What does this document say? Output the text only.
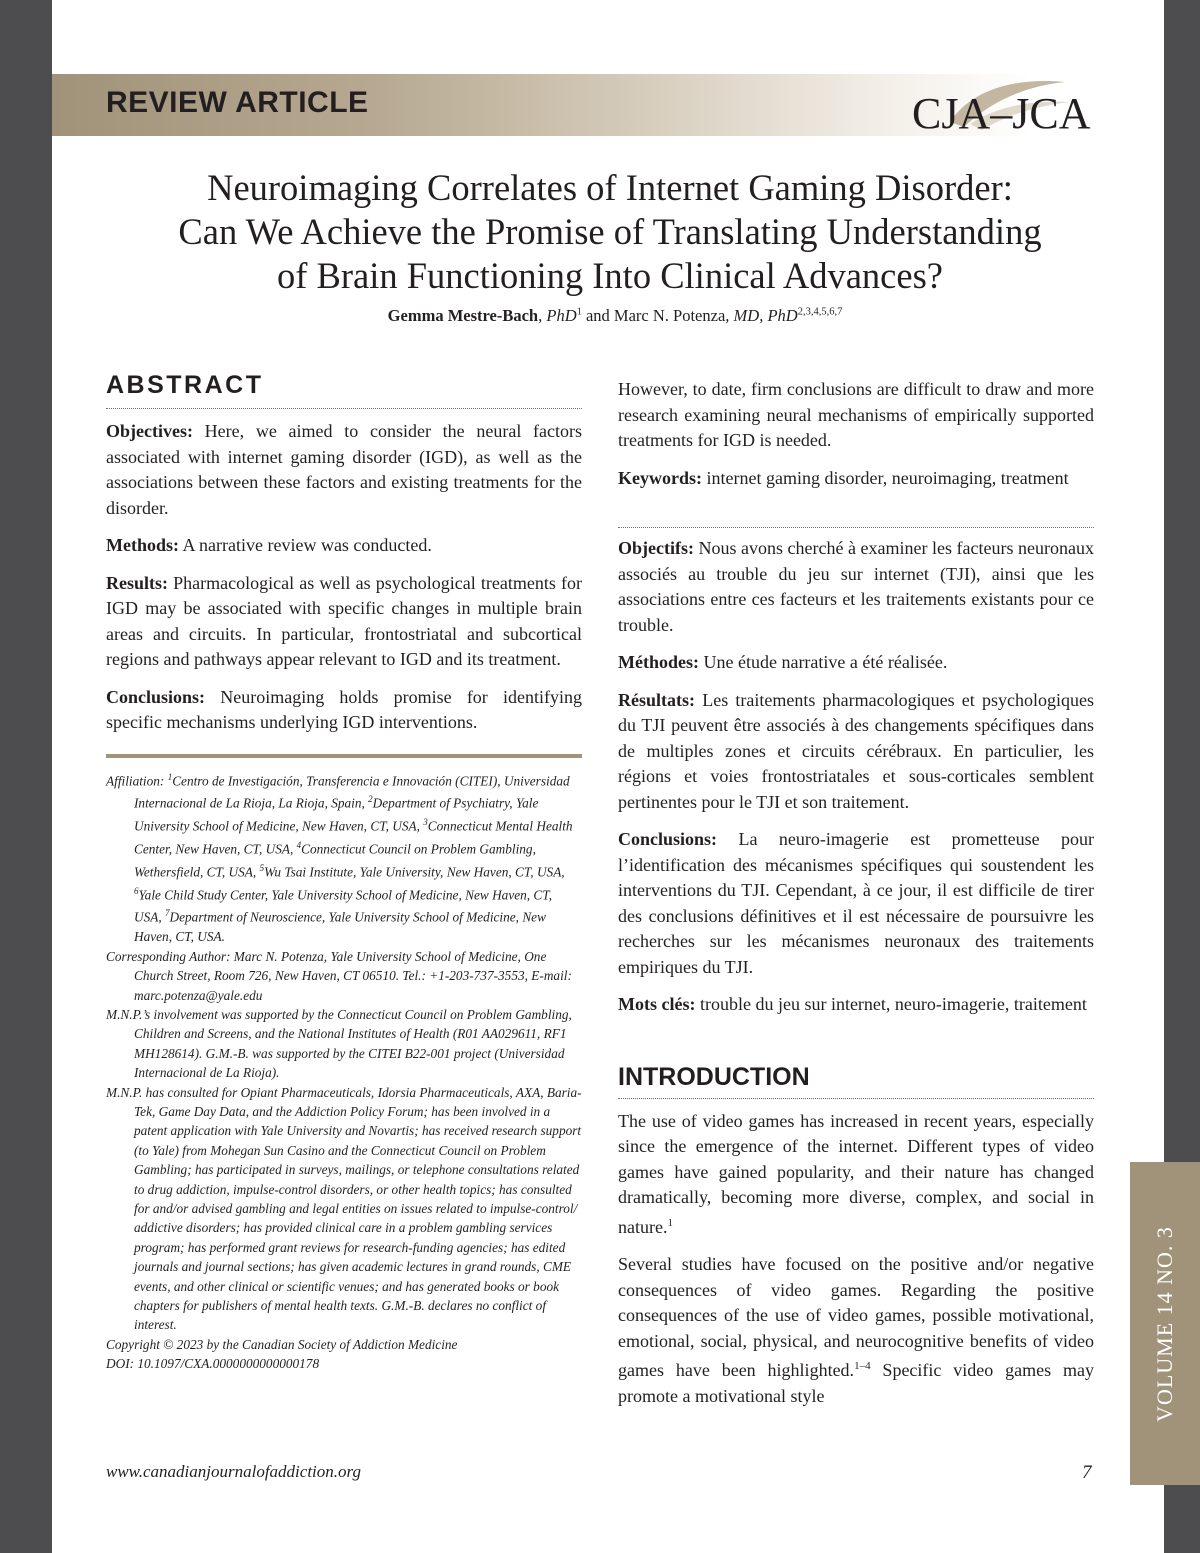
REVIEW ARTICLE	CJA–JCA
Neuroimaging Correlates of Internet Gaming Disorder:
Can We Achieve the Promise of Translating Understanding
of Brain Functioning Into Clinical Advances?
Gemma Mestre-Bach, PhD$^1$ and Marc N. Potenza, MD, PhD$^{2,3,4,5,6,7}$
ABSTRACT

Objectives: Here, we aimed to consider the neural factors associated with internet gaming disorder (IGD), as well as the associations between these factors and existing treatments for the disorder.

Methods: A narrative review was conducted.

Results: Pharmacological as well as psychological treatments for IGD may be associated with specific changes in multiple brain areas and circuits. In particular, frontostriatal and subcortical regions and pathways appear relevant to IGD and its treatment.

Conclusions: Neuroimaging holds promise for identifying specific mechanisms underlying IGD interventions.

Affiliation: $^1$Centro de Investigación, Transferencia e Innovación (CITEI), Universidad Internacional de La Rioja, La Rioja, Spain, $^2$Department of Psychiatry, Yale University School of Medicine, New Haven, CT, USA, $^3$Connecticut Mental Health Center, New Haven, CT, USA, $^4$Connecticut Council on Problem Gambling, Wethersfield, CT, USA, $^5$Wu Tsai Institute, Yale University, New Haven, CT, USA, $^6$Yale Child Study Center, Yale University School of Medicine, New Haven, CT, USA, $^7$Department of Neuroscience, Yale University School of Medicine, New Haven, CT, USA.

Corresponding Author: Marc N. Potenza, Yale University School of Medicine, One Church Street, Room 726, New Haven, CT 06510. Tel.: +1-203-737-3553, E-mail: marc.potenza@yale.edu

M.N.P.’s involvement was supported by the Connecticut Council on Problem Gambling, Children and Screens, and the National Institutes of Health (R01 AA029611, RF1 MH128614). G.M.-B. was supported by the CITEI B22-001 project (Universidad Internacional de La Rioja).

M.N.P. has consulted for Opiant Pharmaceuticals, Idorsia Pharmaceuticals, AXA, Baria-Tek, Game Day Data, and the Addiction Policy Forum; has been involved in a patent application with Yale University and Novartis; has received research support (to Yale) from Mohegan Sun Casino and the Connecticut Council on Problem Gambling; has participated in surveys, mailings, or telephone consultations related to drug addiction, impulse-control disorders, or other health topics; has consulted for and/or advised gambling and legal entities on issues related to impulse-control/ addictive disorders; has provided clinical care in a problem gambling services program; has performed grant reviews for research-funding agencies; has edited journals and journal sections; has given academic lectures in grand rounds, CME events, and other clinical or scientific venues; and has generated books or book chapters for publishers of mental health texts. G.M.-B. declares no conflict of interest.

Copyright © 2023 by the Canadian Society of Addiction Medicine

DOI: 10.1097/CXA.0000000000000178

However, to date, firm conclusions are difficult to draw and more research examining neural mechanisms of empirically supported treatments for IGD is needed.

Keywords: internet gaming disorder, neuroimaging, treatment

Objectifs: Nous avons cherché à examiner les facteurs neuronaux associés au trouble du jeu sur internet (TJI), ainsi que les associations entre ces facteurs et les traitements existants pour ce trouble.

Méthodes: Une étude narrative a été réalisée.

Résultats: Les traitements pharmacologiques et psychologiques du TJI peuvent être associés à des changements spécifiques dans de multiples zones et circuits cérébraux. En particulier, les régions et voies frontostriatales et sous-corticales semblent pertinentes pour le TJI et son traitement.

Conclusions: La neuro-imagerie est prometteuse pour l’identification des mécanismes spécifiques qui soustendent les interventions du TJI. Cependant, à ce jour, il est difficile de tirer des conclusions définitives et il est nécessaire de poursuivre les recherches sur les mécanismes neuronaux des traitements empiriques du TJI.

Mots clés: trouble du jeu sur internet, neuro-imagerie, traitement

INTRODUCTION

The use of video games has increased in recent years, especially since the emergence of the internet. Different types of video games have gained popularity, and their nature has changed dramatically, becoming more diverse, complex, and social in nature.$^1$

Several studies have focused on the positive and/or negative consequences of video games. Regarding the positive consequences of the use of video games, possible motivational, emotional, social, physical, and neurocognitive benefits of video games have been highlighted.$^{1-4}$ Specific video games may promote a motivational style	VOLUME 14 NO. 3
www.canadianjournalofaddiction.org	7
